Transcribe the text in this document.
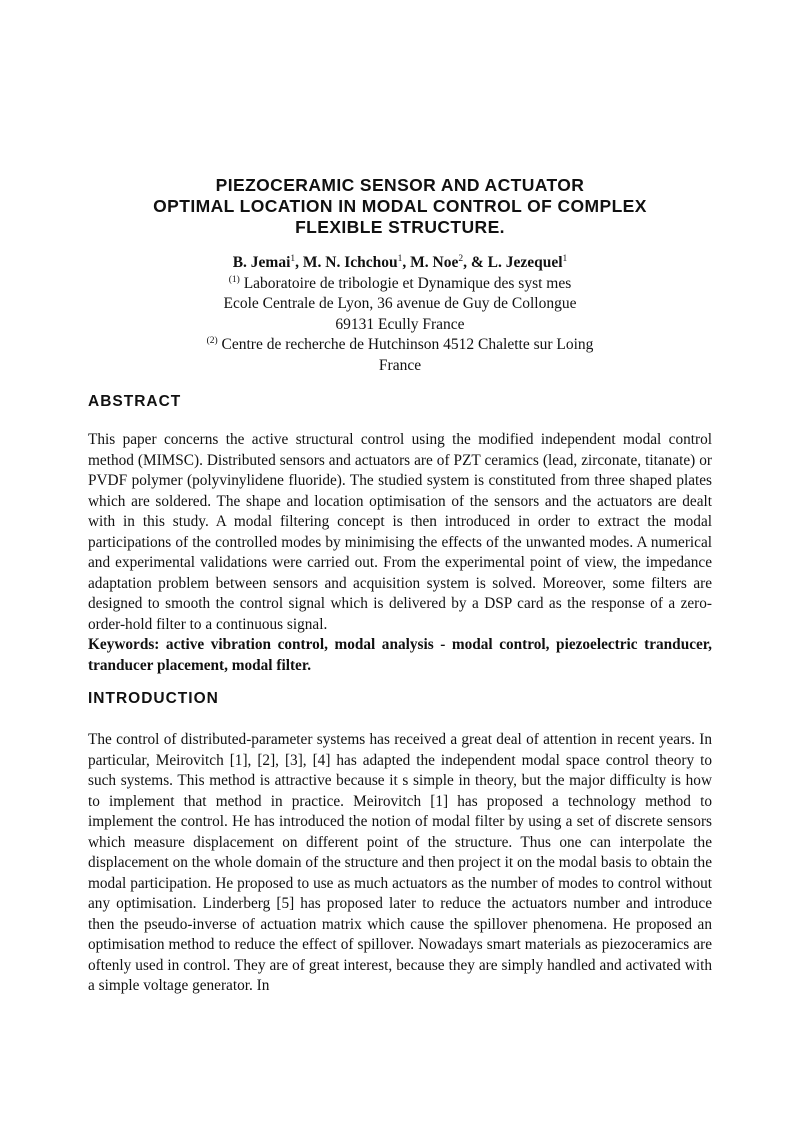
PIEZOCERAMIC SENSOR AND ACTUATOR
OPTIMAL LOCATION IN MODAL CONTROL OF COMPLEX
FLEXIBLE STRUCTURE.
B. Jemai$^1$, M. N. Ichchou$^1$, M. Noe$^2$, & L. Jezequel$^1$
$^{(1)}$ Laboratoire de tribologie et Dynamique des syst mes
Ecole Centrale de Lyon, 36 avenue de Guy de Collongue
69131 Ecully France
$^{(2)}$ Centre de recherche de Hutchinson 4512 Chalette sur Loing
France
ABSTRACT
This paper concerns the active structural control using the modified independent modal control method (MIMSC). Distributed sensors and actuators are of PZT ceramics (lead, zirconate, titanate) or PVDF polymer (polyvinylidene fluoride). The studied system is constituted from three shaped plates which are soldered. The shape and location optimisation of the sensors and the actuators are dealt with in this study. A modal filtering concept is then introduced in order to extract the modal participations of the controlled modes by minimising the effects of the unwanted modes. A numerical and experimental validations were carried out. From the experimental point of view, the impedance adaptation problem between sensors and acquisition system is solved. Moreover, some filters are designed to smooth the control signal which is delivered by a DSP card as the response of a zero-order-hold filter to a continuous signal.
Keywords: active vibration control, modal analysis - modal control, piezoelectric tranducer, tranducer placement, modal filter.
INTRODUCTION

The control of distributed-parameter systems has received a great deal of attention in recent years. In particular, Meirovitch [1], [2], [3], [4] has adapted the independent modal space control theory to such systems. This method is attractive because it s simple in theory, but the major difficulty is how to implement that method in practice. Meirovitch [1] has proposed a technology method to implement the control. He has introduced the notion of modal filter by using a set of discrete sensors which measure displacement on different point of the structure. Thus one can interpolate the displacement on the whole domain of the structure and then project it on the modal basis to obtain the modal participation. He proposed to use as much actuators as the number of modes to control without any optimisation. Linderberg [5] has proposed later to reduce the actuators number and introduce then the pseudo-inverse of actuation matrix which cause the spillover phenomena. He proposed an optimisation method to reduce the effect of spillover. Nowadays smart materials as piezoceramics are oftenly used in control. They are of great interest, because they are simply handled and activated with a simple voltage generator. In
